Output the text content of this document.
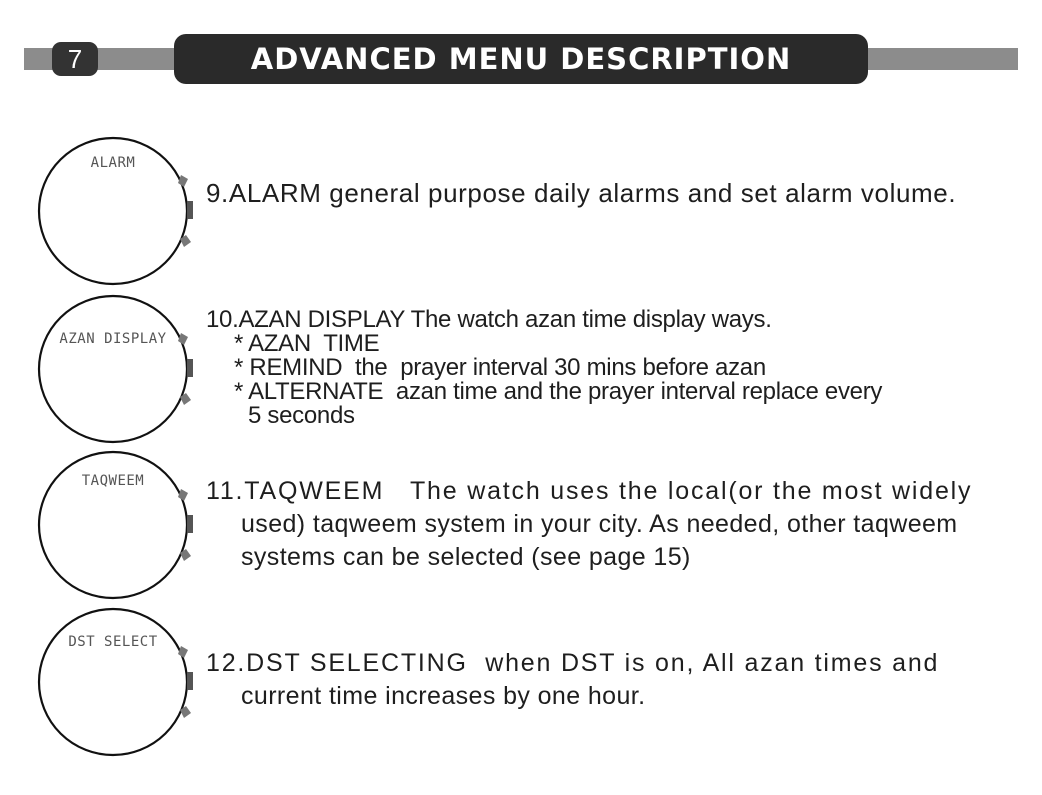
7	ADVANCED MENU DESCRIPTION
ALARM
9.ALARM general purpose daily alarms and set alarm volume.
AZAN DISPLAY
10.AZAN DISPLAY The watch azan time display ways.
* AZAN  TIME
* REMIND  the  prayer interval 30 mins before azan
* ALTERNATE  azan time and the prayer interval replace every
5 seconds
TAQWEEM	11.TAQWEEM   The watch uses the local(or the most widely
used) taqweem system in your city. As needed, other taqweem
systems can be selected (see page 15)
DST SELECT
12.DST SELECTING  when DST is on, All azan times and
current time increases by one hour.
